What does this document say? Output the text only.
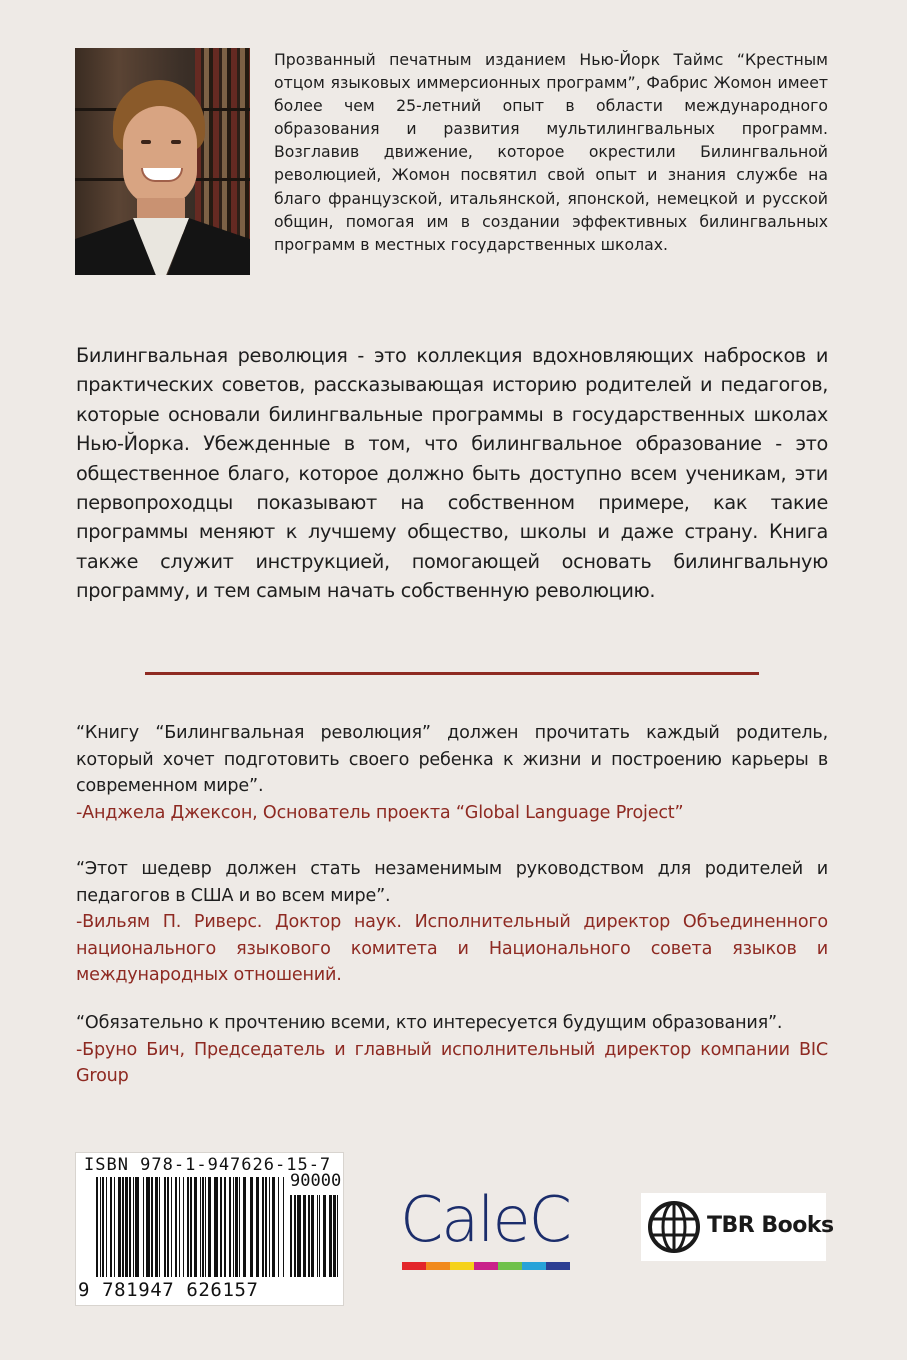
Прозванный печатным изданием Нью-Йорк Таймс “Крестным отцом языковых иммерсионных программ”, Фабрис Жомон имеет более чем 25-летний опыт в области международного образования и развития мультилингвальных программ. Возглавив движение, которое окрестили Билингвальной революцией, Жомон посвятил свой опыт и знания службе на благо французской, итальянской, японской, немецкой и русской общин, помогая им в создании эффективных билингвальных программ в местных государственных школах.

Билингвальная революция - это коллекция вдохновляющих набросков и практических советов, рассказывающая историю родителей и педагогов, которые основали билингвальные программы в государственных школах Нью-Йорка. Убежденные в том, что билингвальное образование - это общественное благо, которое должно быть доступно всем ученикам, эти первопроходцы показывают на собственном примере, как такие программы меняют к лучшему общество, школы и даже страну. Книга также служит инструкцией, помогающей основать билингвальную программу, и тем самым начать собственную революцию.

“Книгу “Билингвальная революция” должен прочитать каждый родитель, который хочет подготовить своего ребенка к жизни и построению карьеры в современном мире”.

-Анджела Джексон, Основатель проекта “Global Language Project”

“Этот шедевр должен стать незаменимым руководством для родителей и педагогов в США и во всем мире”.

-Вильям П. Риверс. Доктор наук. Исполнительный директор Объединенного национального языкового комитета и Национального совета языков и международных отношений.

“Обязательно к прочтению всеми, кто интересуется будущим образования”.

-Бруно Бич, Председатель и главный исполнительный директор компании BIC Group

ISBN 978-1-947626-15-7
90000
9 781947 626157
CaleC	TBR Books
